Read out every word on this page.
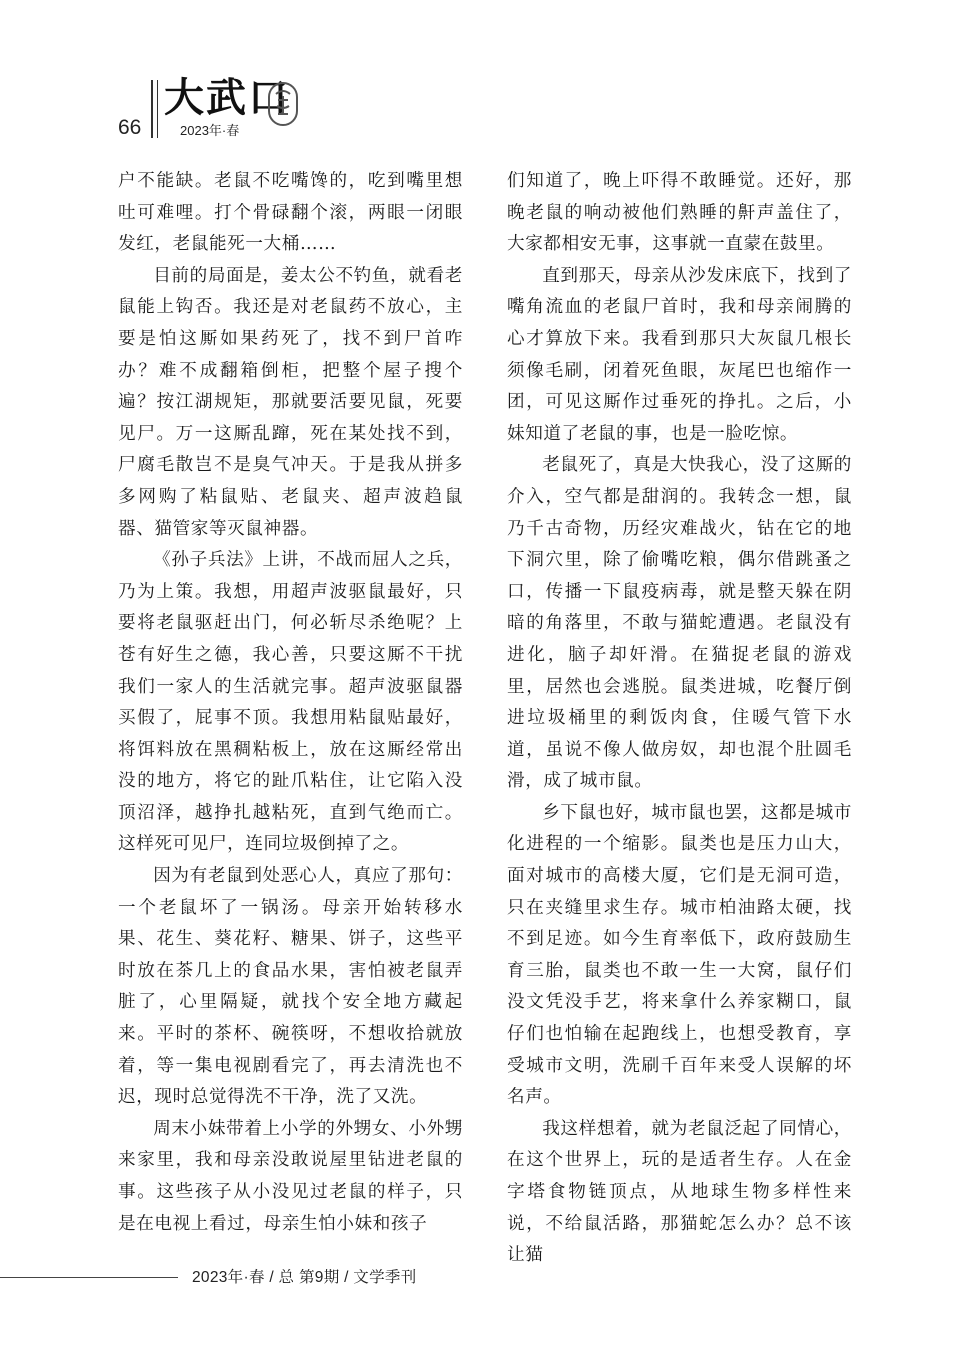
66
大武口
2023年·春

户不能缺。老鼠不吃嘴馋的，吃到嘴里想吐可难哩。打个骨碌翻个滚，两眼一闭眼发红，老鼠能死一大桶……

目前的局面是，姜太公不钓鱼，就看老鼠能上钩否。我还是对老鼠药不放心，主要是怕这厮如果药死了，找不到尸首咋办？难不成翻箱倒柜，把整个屋子搜个遍？按江湖规矩，那就要活要见鼠，死要见尸。万一这厮乱蹿，死在某处找不到，尸腐毛散岂不是臭气冲天。于是我从拼多多网购了粘鼠贴、老鼠夹、超声波趋鼠器、猫管家等灭鼠神器。

《孙子兵法》上讲，不战而屈人之兵，乃为上策。我想，用超声波驱鼠最好，只要将老鼠驱赶出门，何必斩尽杀绝呢？上苍有好生之德，我心善，只要这厮不干扰我们一家人的生活就完事。超声波驱鼠器买假了，屁事不顶。我想用粘鼠贴最好，将饵料放在黑稠粘板上，放在这厮经常出没的地方，将它的趾爪粘住，让它陷入没顶沼泽，越挣扎越粘死，直到气绝而亡。这样死可见尸，连同垃圾倒掉了之。

因为有老鼠到处恶心人，真应了那句：一个老鼠坏了一锅汤。母亲开始转移水果、花生、葵花籽、糖果、饼子，这些平时放在茶几上的食品水果，害怕被老鼠弄脏了，心里隔疑，就找个安全地方藏起来。平时的茶杯、碗筷呀，不想收拾就放着，等一集电视剧看完了，再去清洗也不迟，现时总觉得洗不干净，洗了又洗。

周末小妹带着上小学的外甥女、小外甥来家里，我和母亲没敢说屋里钻进老鼠的事。这些孩子从小没见过老鼠的样子，只是在电视上看过，母亲生怕小妹和孩子

们知道了，晚上吓得不敢睡觉。还好，那晚老鼠的响动被他们熟睡的鼾声盖住了，大家都相安无事，这事就一直蒙在鼓里。

直到那天，母亲从沙发床底下，找到了嘴角流血的老鼠尸首时，我和母亲闹腾的心才算放下来。我看到那只大灰鼠几根长须像毛刷，闭着死鱼眼，灰尾巴也缩作一团，可见这厮作过垂死的挣扎。之后，小妹知道了老鼠的事，也是一脸吃惊。

老鼠死了，真是大快我心，没了这厮的介入，空气都是甜润的。我转念一想，鼠乃千古奇物，历经灾难战火，钻在它的地下洞穴里，除了偷嘴吃粮，偶尔借跳蚤之口，传播一下鼠疫病毒，就是整天躲在阴暗的角落里，不敢与猫蛇遭遇。老鼠没有进化，脑子却奸滑。在猫捉老鼠的游戏里，居然也会逃脱。鼠类进城，吃餐厅倒进垃圾桶里的剩饭肉食，住暖气管下水道，虽说不像人做房奴，却也混个肚圆毛滑，成了城市鼠。

乡下鼠也好，城市鼠也罢，这都是城市化进程的一个缩影。鼠类也是压力山大，面对城市的高楼大厦，它们是无洞可造，只在夹缝里求生存。城市柏油路太硬，找不到足迹。如今生育率低下，政府鼓励生育三胎，鼠类也不敢一生一大窝，鼠仔们没文凭没手艺，将来拿什么养家糊口，鼠仔们也怕输在起跑线上，也想受教育，享受城市文明，洗刷千百年来受人误解的坏名声。

我这样想着，就为老鼠泛起了同情心，在这个世界上，玩的是适者生存。人在金字塔食物链顶点，从地球生物多样性来说，不给鼠活路，那猫蛇怎么办？总不该让猫

2023年·春 / 总 第9期 / 文学季刊
